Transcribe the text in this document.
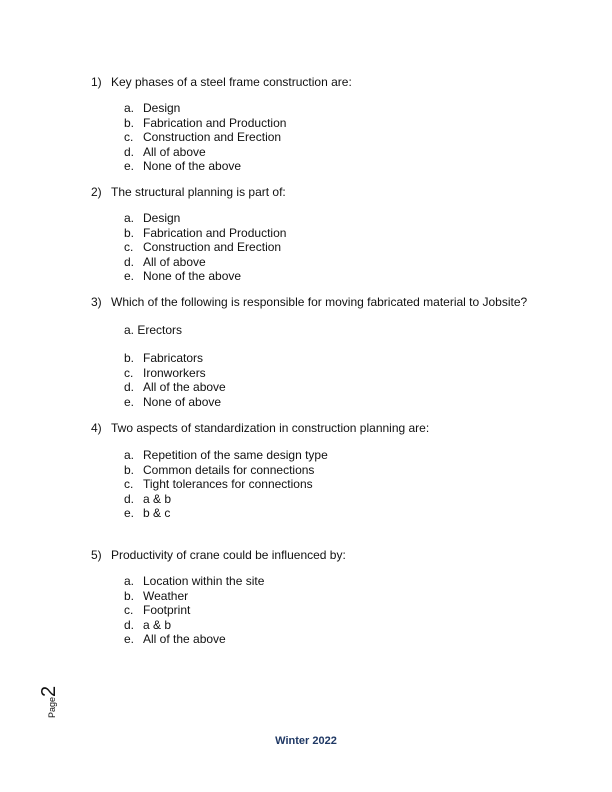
1) Key phases of a steel frame construction are:
a. Design
b. Fabrication and Production
c. Construction and Erection
d. All of above
e. None of the above
2) The structural planning is part of:
a. Design
b. Fabrication and Production
c. Construction and Erection
d. All of above
e. None of the above
3) Which of the following is responsible for moving fabricated material to Jobsite?
a. Erectors
b. Fabricators
c. Ironworkers
d. All of the above
e. None of above
4) Two aspects of standardization in construction planning are:
a. Repetition of the same design type
b. Common details for connections
c. Tight tolerances for connections
d. a & b
e. b & c
5) Productivity of crane could be influenced by:
a. Location within the site
b. Weather
c. Footprint
d. a & b
e. All of the above
Page2
Winter 2022
